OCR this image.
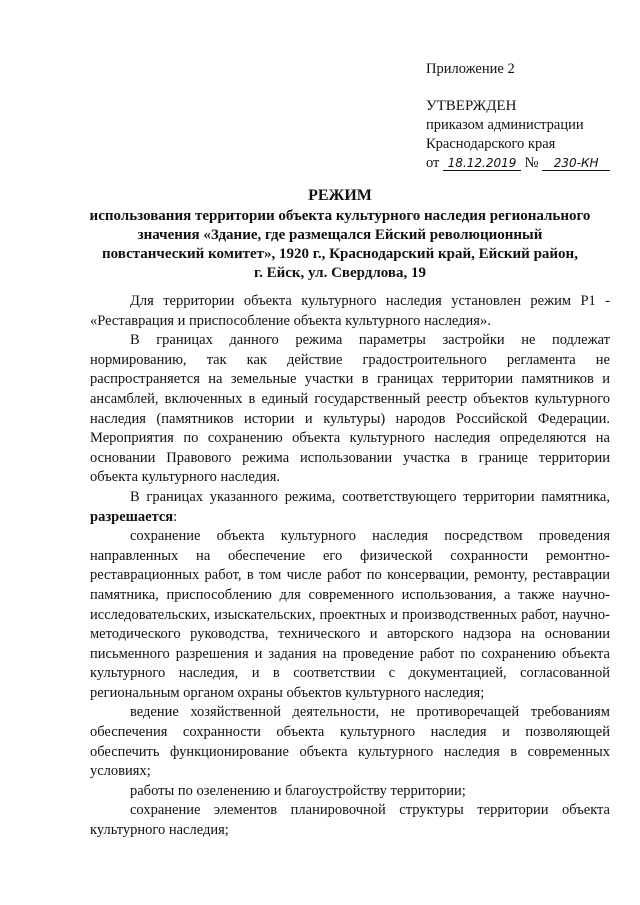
Приложение 2
УТВЕРЖДЕН
приказом администрации
Краснодарского края
от 18.12.2019 № 230-КН
РЕЖИМ
использования территории объекта культурного наследия регионального
значения «Здание, где размещался Ейский революционный
повстанческий комитет», 1920 г., Краснодарский край, Ейский район,
г. Ейск, ул. Свердлова, 19

Для территории объекта культурного наследия установлен режим Р1 - «Реставрация и приспособление объекта культурного наследия».

В границах данного режима параметры застройки не подлежат нормированию, так как действие градостроительного регламента не распространяется на земельные участки в границах территории памятников и ансамблей, включенных в единый государственный реестр объектов культурного наследия (памятников истории и культуры) народов Российской Федерации. Мероприятия по сохранению объекта культурного наследия определяются на основании Правового режима использовании участка в границе территории объекта культурного наследия.

В границах указанного режима, соответствующего территории памятника, разрешается:

сохранение объекта культурного наследия посредством проведения направленных на обеспечение его физической сохранности ремонтно-реставрационных работ, в том числе работ по консервации, ремонту, реставрации памятника, приспособлению для современного использования, а также научно-исследовательских, изыскательских, проектных и производственных работ, научно-методического руководства, технического и авторского надзора на основании письменного разрешения и задания на проведение работ по сохранению объекта культурного наследия, и в соответствии с документацией, согласованной региональным органом охраны объектов культурного наследия;

ведение хозяйственной деятельности, не противоречащей требованиям обеспечения сохранности объекта культурного наследия и позволяющей обеспечить функционирование объекта культурного наследия в современных условиях;

работы по озеленению и благоустройству территории;

сохранение элементов планировочной структуры территории объекта культурного наследия;
